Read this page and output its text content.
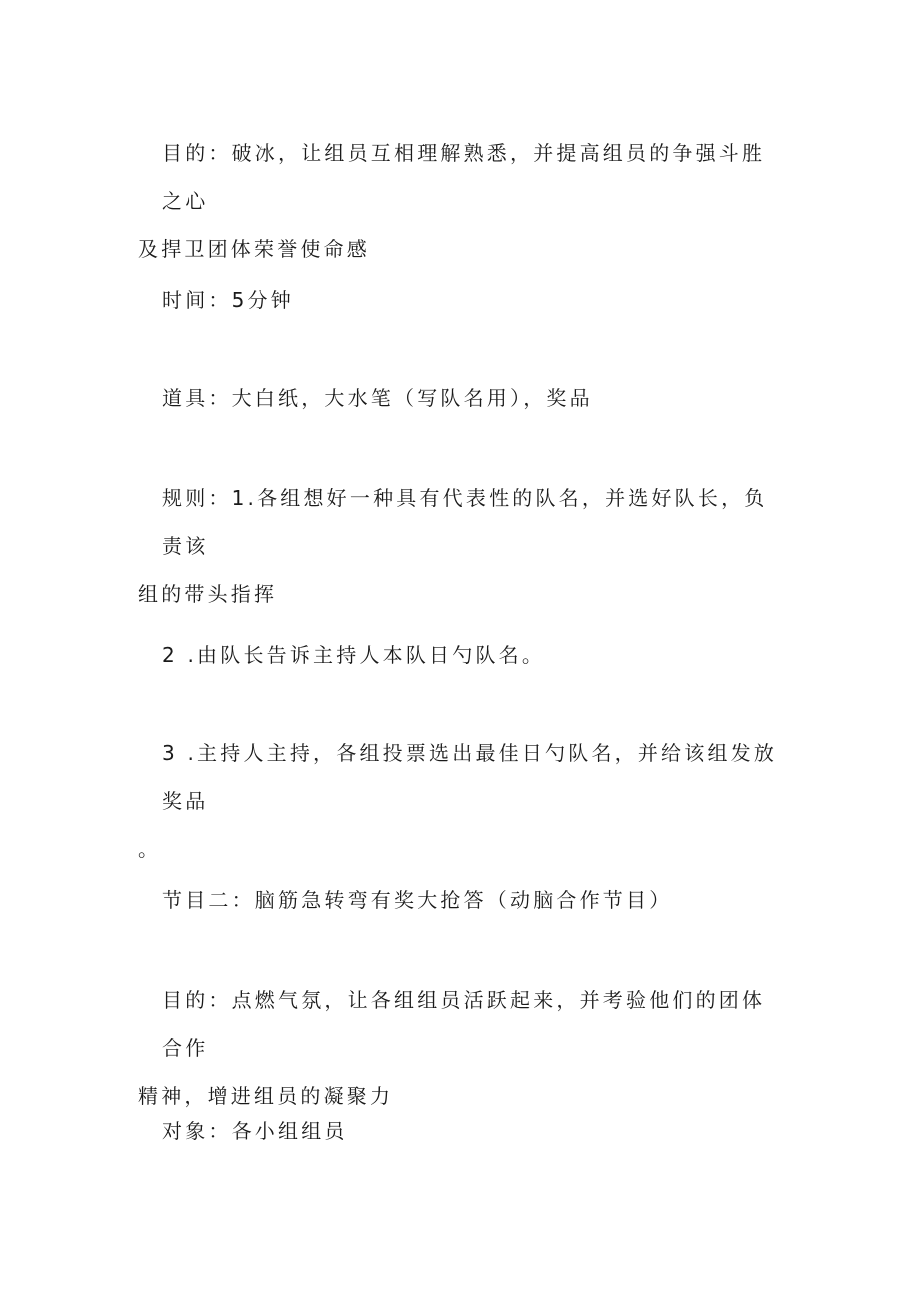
目的：破冰，让组员互相理解熟悉，并提高组员的争强斗胜之心
及捍卫团体荣誉使命感

时间：5分钟

道具：大白纸，大水笔（写队名用），奖品

规则：1.各组想好一种具有代表性的队名，并选好队长，负责该
组的带头指挥

2 .由队长告诉主持人本队日勺队名。

3 .主持人主持，各组投票选出最佳日勺队名，并给该组发放奖品
。

节目二：脑筋急转弯有奖大抢答（动脑合作节目）

目的：点燃气氛，让各组组员活跃起来，并考验他们的团体合作
精神，增进组员的凝聚力

对象：各小组组员
